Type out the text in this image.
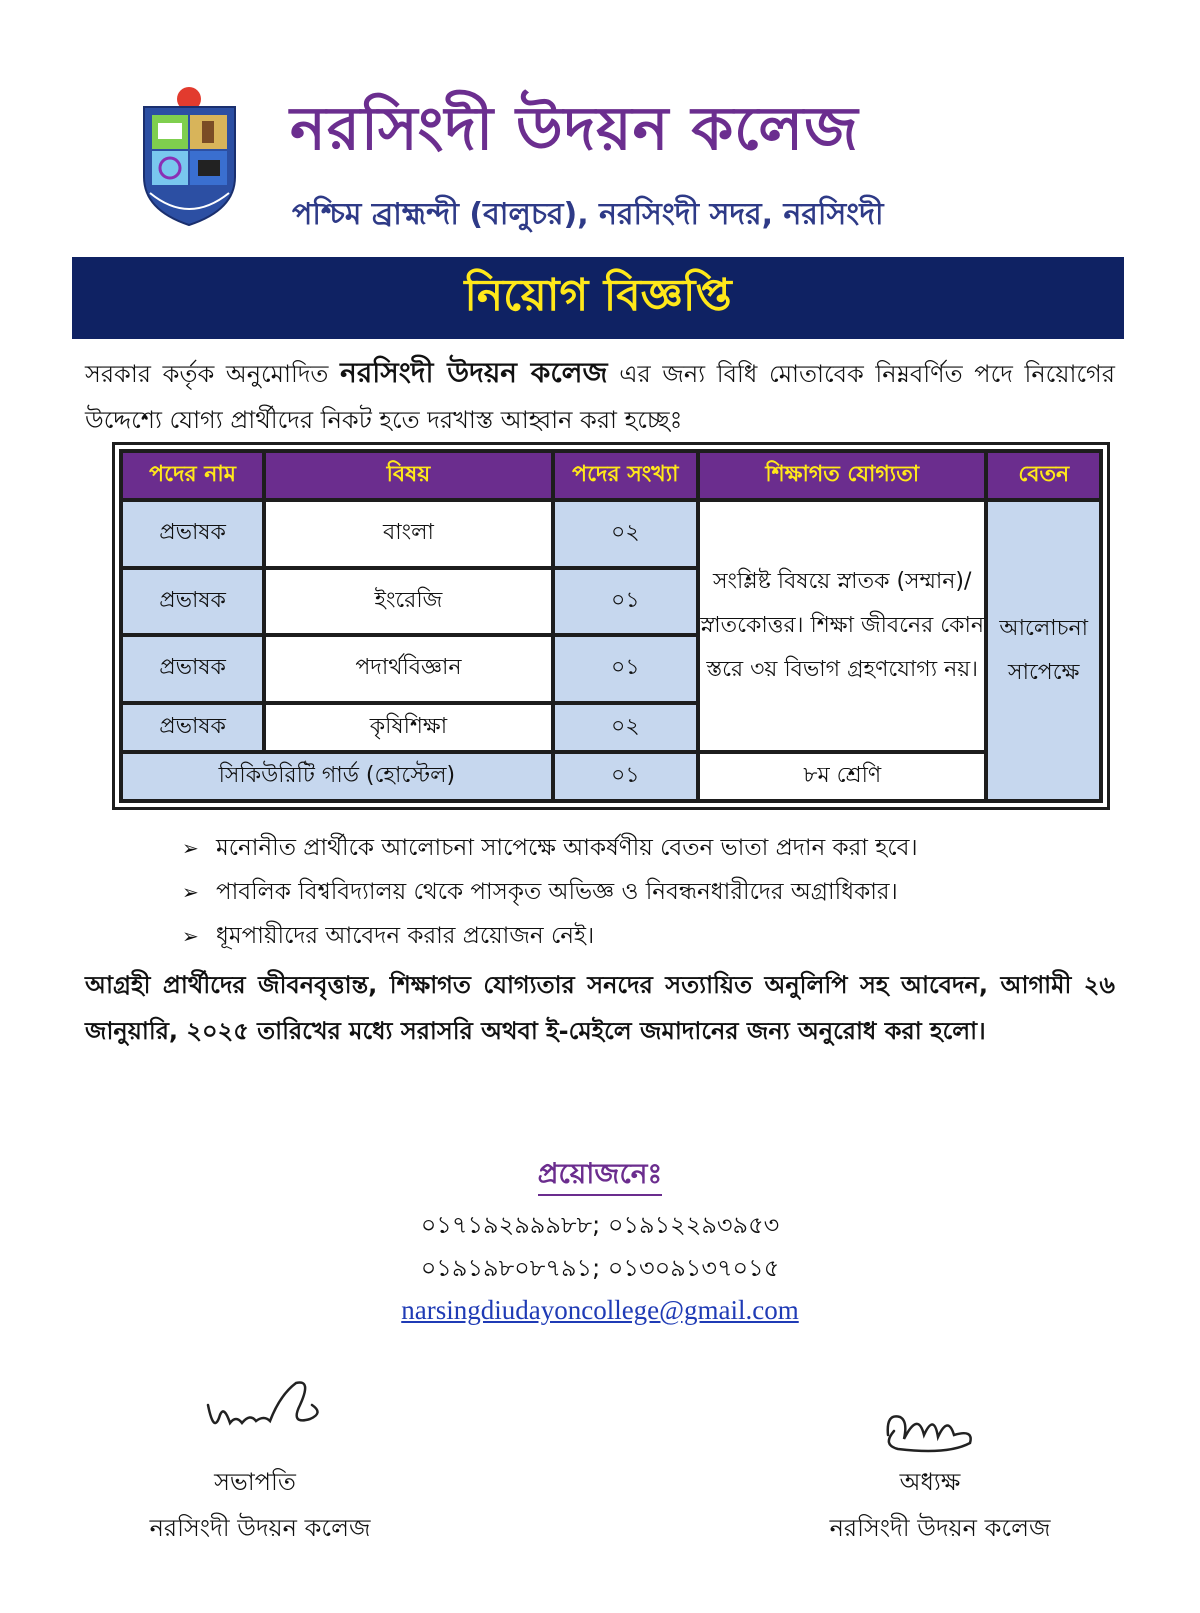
নরসিংদী উদয়ন কলেজ
পশ্চিম ব্রাহ্মন্দী (বালুচর), নরসিংদী সদর, নরসিংদী
নিয়োগ বিজ্ঞপ্তি
সরকার কর্তৃক অনুমোদিত নরসিংদী উদয়ন কলেজ এর জন্য বিধি মোতাবেক নিম্নবর্ণিত পদে নিয়োগের উদ্দেশ্যে যোগ্য প্রার্থীদের নিকট হতে দরখাস্ত আহ্বান করা হচ্ছেঃ
পদের নাম	বিষয়	পদের সংখ্যা	শিক্ষাগত যোগ্যতা	বেতন
প্রভাষক	বাংলা	০২	সংশ্লিষ্ট বিষয়ে স্নাতক (সম্মান)/ স্নাতকোত্তর। শিক্ষা জীবনের কোন স্তরে ৩য় বিভাগ গ্রহণযোগ্য নয়।	আলোচনা সাপেক্ষে
প্রভাষক	ইংরেজি	০১		
প্রভাষক	পদার্থবিজ্ঞান	০১		
প্রভাষক	কৃষিশিক্ষা	০২		
সিকিউরিটি গার্ড (হোস্টেল)		০১	৮ম শ্রেণি	
➢ মনোনীত প্রার্থীকে আলোচনা সাপেক্ষে আকর্ষণীয় বেতন ভাতা প্রদান করা হবে।
➢ পাবলিক বিশ্ববিদ্যালয় থেকে পাসকৃত অভিজ্ঞ ও নিবন্ধনধারীদের অগ্রাধিকার।
➢ ধূমপায়ীদের আবেদন করার প্রয়োজন নেই।
আগ্রহী প্রার্থীদের জীবনবৃত্তান্ত, শিক্ষাগত যোগ্যতার সনদের সত্যায়িত অনুলিপি সহ আবেদন, আগামী ২৬ জানুয়ারি, ২০২৫ তারিখের মধ্যে সরাসরি অথবা ই-মেইলে জমাদানের জন্য অনুরোধ করা হলো।
প্রয়োজনেঃ
০১৭১৯২৯৯৯৮৮; ০১৯১২২৯৩৯৫৩
০১৯১৯৮০৮৭৯১; ০১৩০৯১৩৭০১৫
narsingdiudayoncollege@gmail.com
সভাপতি
নরসিংদী উদয়ন কলেজ
অধ্যক্ষ
নরসিংদী উদয়ন কলেজ
